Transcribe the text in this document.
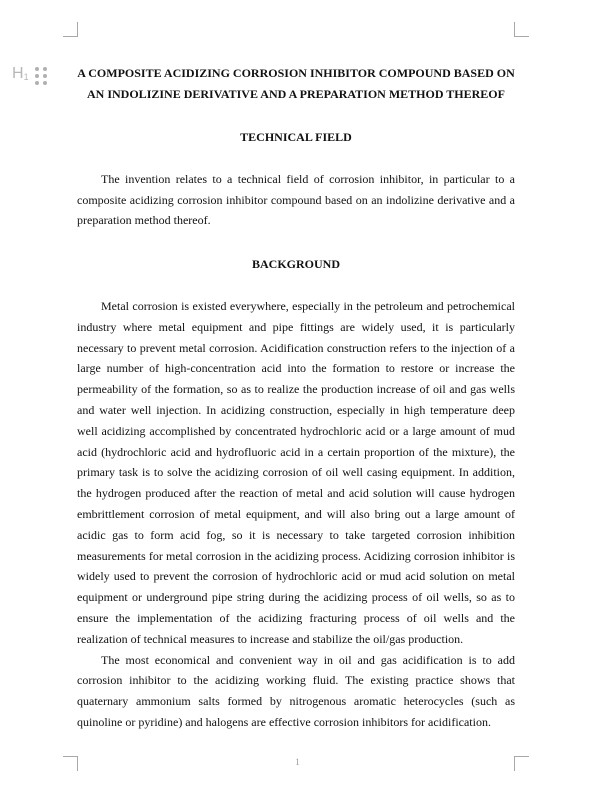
$H_1$	A COMPOSITE ACIDIZING CORROSION INHIBITOR COMPOUND BASED ON AN INDOLIZINE DERIVATIVE AND A PREPARATION METHOD THEREOF

TECHNICAL FIELD

The invention relates to a technical field of corrosion inhibitor, in particular to a composite acidizing corrosion inhibitor compound based on an indolizine derivative and a preparation method thereof.

BACKGROUND

Metal corrosion is existed everywhere, especially in the petroleum and petrochemical industry where metal equipment and pipe fittings are widely used, it is particularly necessary to prevent metal corrosion. Acidification construction refers to the injection of a large number of high-concentration acid into the formation to restore or increase the permeability of the formation, so as to realize the production increase of oil and gas wells and water well injection. In acidizing construction, especially in high temperature deep well acidizing accomplished by concentrated hydrochloric acid or a large amount of mud acid (hydrochloric acid and hydrofluoric acid in a certain proportion of the mixture), the primary task is to solve the acidizing corrosion of oil well casing equipment. In addition, the hydrogen produced after the reaction of metal and acid solution will cause hydrogen embrittlement corrosion of metal equipment, and will also bring out a large amount of acidic gas to form acid fog, so it is necessary to take targeted corrosion inhibition measurements for metal corrosion in the acidizing process. Acidizing corrosion inhibitor is widely used to prevent the corrosion of hydrochloric acid or mud acid solution on metal equipment or underground pipe string during the acidizing process of oil wells, so as to ensure the implementation of the acidizing fracturing process of oil wells and the realization of technical measures to increase and stabilize the oil/gas production.

The most economical and convenient way in oil and gas acidification is to add corrosion inhibitor to the acidizing working fluid. The existing practice shows that quaternary ammonium salts formed by nitrogenous aromatic heterocycles (such as quinoline or pyridine) and halogens are effective corrosion inhibitors for acidification.

1
